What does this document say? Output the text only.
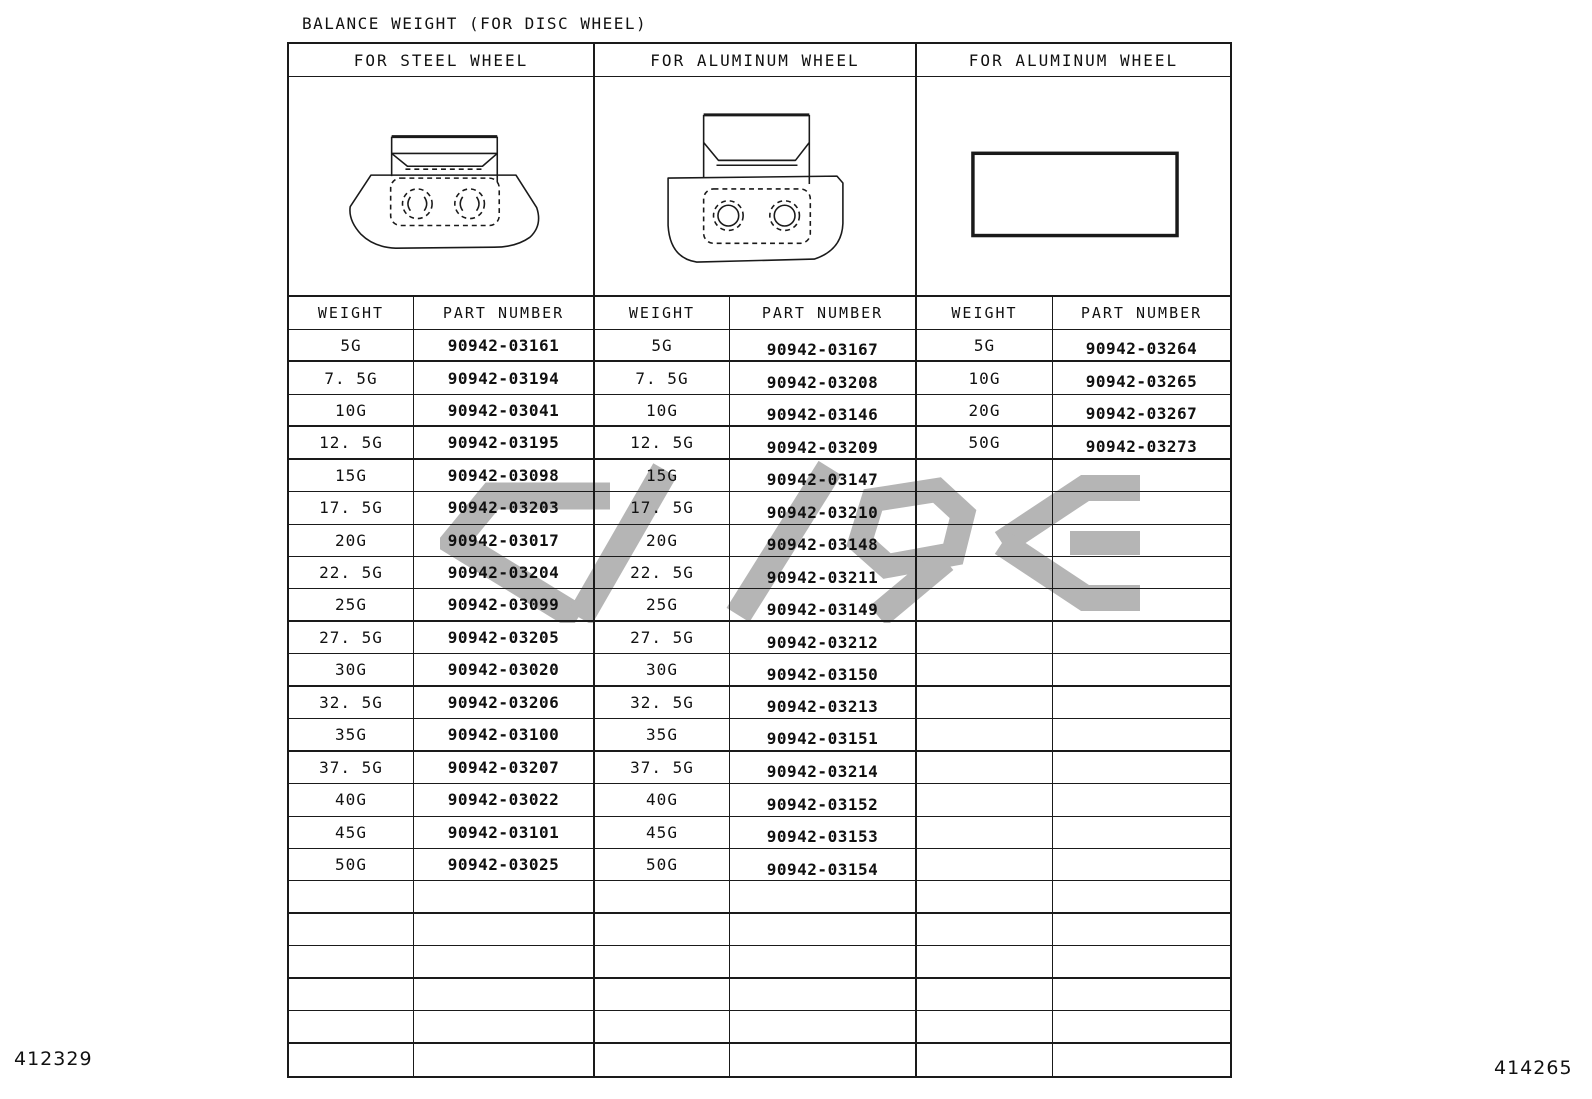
BALANCE WEIGHT (FOR DISC WHEEL)
FOR STEEL WHEEL	FOR ALUMINUM WHEEL	FOR ALUMINUM WHEEL
WEIGHT	PART NUMBER	WEIGHT	PART NUMBER	WEIGHT	PART NUMBER
5G	90942-03161	5G	90942-03167	5G	90942-03264
7. 5G	90942-03194	7. 5G	90942-03208	10G	90942-03265
10G	90942-03041	10G	90942-03146	20G	90942-03267
12. 5G	90942-03195	12. 5G	90942-03209	50G	90942-03273
15G	90942-03098	15G	90942-03147
17. 5G	90942-03203	17. 5G	90942-03210
20G	90942-03017	20G	90942-03148
22. 5G	90942-03204	22. 5G	90942-03211
25G	90942-03099	25G	90942-03149
27. 5G	90942-03205	27. 5G	90942-03212
30G	90942-03020	30G	90942-03150
32. 5G	90942-03206	32. 5G	90942-03213
35G	90942-03100	35G	90942-03151
37. 5G	90942-03207	37. 5G	90942-03214
40G	90942-03022	40G	90942-03152
45G	90942-03101	45G	90942-03153
50G	90942-03025	50G	90942-03154
412329	414265
